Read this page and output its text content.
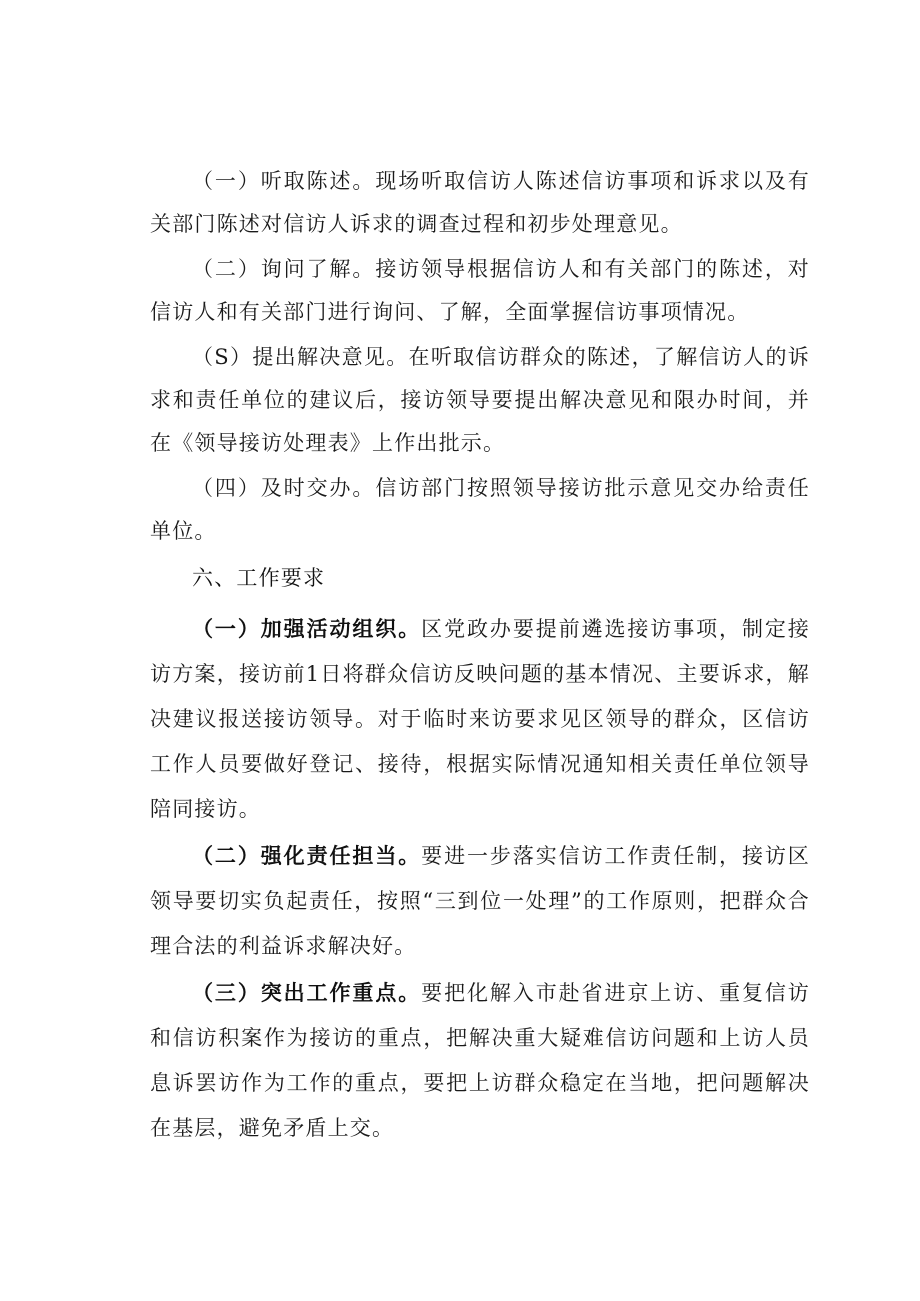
（一）听取陈述。现场听取信访人陈述信访事项和诉求以及有关部门陈述对信访人诉求的调查过程和初步处理意见。

（二）询问了解。接访领导根据信访人和有关部门的陈述，对信访人和有关部门进行询问、了解，全面掌握信访事项情况。

（S）提出解决意见。在听取信访群众的陈述，了解信访人的诉求和责任单位的建议后，接访领导要提出解决意见和限办时间，并在《领导接访处理表》上作出批示。

（四）及时交办。信访部门按照领导接访批示意见交办给责任单位。

六、工作要求

（一）加强活动组织。区党政办要提前遴选接访事项，制定接访方案，接访前1日将群众信访反映问题的基本情况、主要诉求，解决建议报送接访领导。对于临时来访要求见区领导的群众，区信访工作人员要做好登记、接待，根据实际情况通知相关责任单位领导陪同接访。

（二）强化责任担当。要进一步落实信访工作责任制，接访区领导要切实负起责任，按照“三到位一处理”的工作原则，把群众合理合法的利益诉求解决好。

（三）突出工作重点。要把化解入市赴省进京上访、重复信访和信访积案作为接访的重点，把解决重大疑难信访问题和上访人员息诉罢访作为工作的重点，要把上访群众稳定在当地，把问题解决在基层，避免矛盾上交。
